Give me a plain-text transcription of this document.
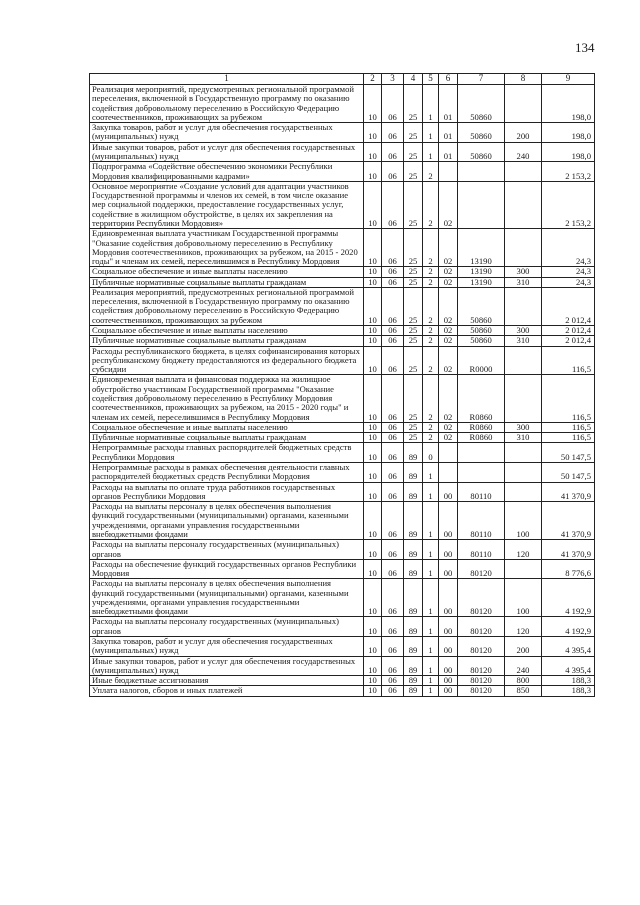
134
1	2	3	4	5	6	7	8	9
Реализация мероприятий, предусмотренных региональной программой переселения, включенной в Государственную программу по оказанию содействия добровольному переселению в Российскую Федерацию соотечественников, проживающих за рубежом	10	06	25	1	01	50860		198,0
Закупка товаров, работ и услуг для обеспечения государственных (муниципальных) нужд	10	06	25	1	01	50860	200	198,0
Иные закупки товаров, работ и услуг для обеспечения государственных (муниципальных) нужд	10	06	25	1	01	50860	240	198,0
Подпрограмма «Содействие обеспечению экономики Республики Мордовия квалифицированными кадрами»	10	06	25	2				2 153,2
Основное мероприятие «Создание условий для адаптации участников Государственной программы и членов их семей, в том числе оказание мер социальной поддержки, предоставление государственных услуг, содействие в жилищном обустройстве, в целях их закрепления на территории Республики Мордовия»	10	06	25	2	02			2 153,2
Единовременная выплата участникам Государственной программы "Оказание содействия добровольному переселению в Республику Мордовия соотечественников, проживающих за рубежом, на 2015 - 2020 годы" и членам их семей, переселившимся в Республику Мордовия	10	06	25	2	02	13190		24,3
Социальное обеспечение и иные выплаты населению	10	06	25	2	02	13190	300	24,3
Публичные нормативные социальные выплаты гражданам	10	06	25	2	02	13190	310	24,3
Реализация мероприятий, предусмотренных региональной программой переселения, включенной в Государственную программу по оказанию содействия добровольному переселению в Российскую Федерацию соотечественников, проживающих за рубежом	10	06	25	2	02	50860		2 012,4
Социальное обеспечение и иные выплаты населению	10	06	25	2	02	50860	300	2 012,4
Публичные нормативные социальные выплаты гражданам	10	06	25	2	02	50860	310	2 012,4
Расходы республиканского бюджета, в целях софинансирования которых республиканскому бюджету предоставляются из федерального бюджета субсидии	10	06	25	2	02	R0000		116,5
Единовременная выплата и финансовая поддержка на жилищное обустройство участникам Государственной программы "Оказание содействия добровольному переселению в Республику Мордовия соотечественников, проживающих за рубежом, на 2015 - 2020 годы" и членам их семей, переселившимся в Республику Мордовия	10	06	25	2	02	R0860		116,5
Социальное обеспечение и иные выплаты населению	10	06	25	2	02	R0860	300	116,5
Публичные нормативные социальные выплаты гражданам	10	06	25	2	02	R0860	310	116,5
Непрограммные расходы главных распорядителей бюджетных средств Республики Мордовия	10	06	89	0				50 147,5
Непрограммные расходы в рамках обеспечения деятельности главных распорядителей бюджетных средств Республики Мордовия	10	06	89	1				50 147,5
Расходы на выплаты по оплате труда работников государственных органов Республики Мордовия	10	06	89	1	00	80110		41 370,9
Расходы на выплаты персоналу в целях обеспечения выполнения функций государственными (муниципальными) органами, казенными учреждениями, органами управления государственными внебюджетными фондами	10	06	89	1	00	80110	100	41 370,9
Расходы на выплаты персоналу государственных (муниципальных) органов	10	06	89	1	00	80110	120	41 370,9
Расходы на обеспечение функций государственных органов Республики Мордовия	10	06	89	1	00	80120		8 776,6
Расходы на выплаты персоналу в целях обеспечения выполнения функций государственными (муниципальными) органами, казенными учреждениями, органами управления государственными внебюджетными фондами	10	06	89	1	00	80120	100	4 192,9
Расходы на выплаты персоналу государственных (муниципальных) органов	10	06	89	1	00	80120	120	4 192,9
Закупка товаров, работ и услуг для обеспечения государственных (муниципальных) нужд	10	06	89	1	00	80120	200	4 395,4
Иные закупки товаров, работ и услуг для обеспечения государственных (муниципальных) нужд	10	06	89	1	00	80120	240	4 395,4
Иные бюджетные ассигнования	10	06	89	1	00	80120	800	188,3
Уплата налогов, сборов и иных платежей	10	06	89	1	00	80120	850	188,3
